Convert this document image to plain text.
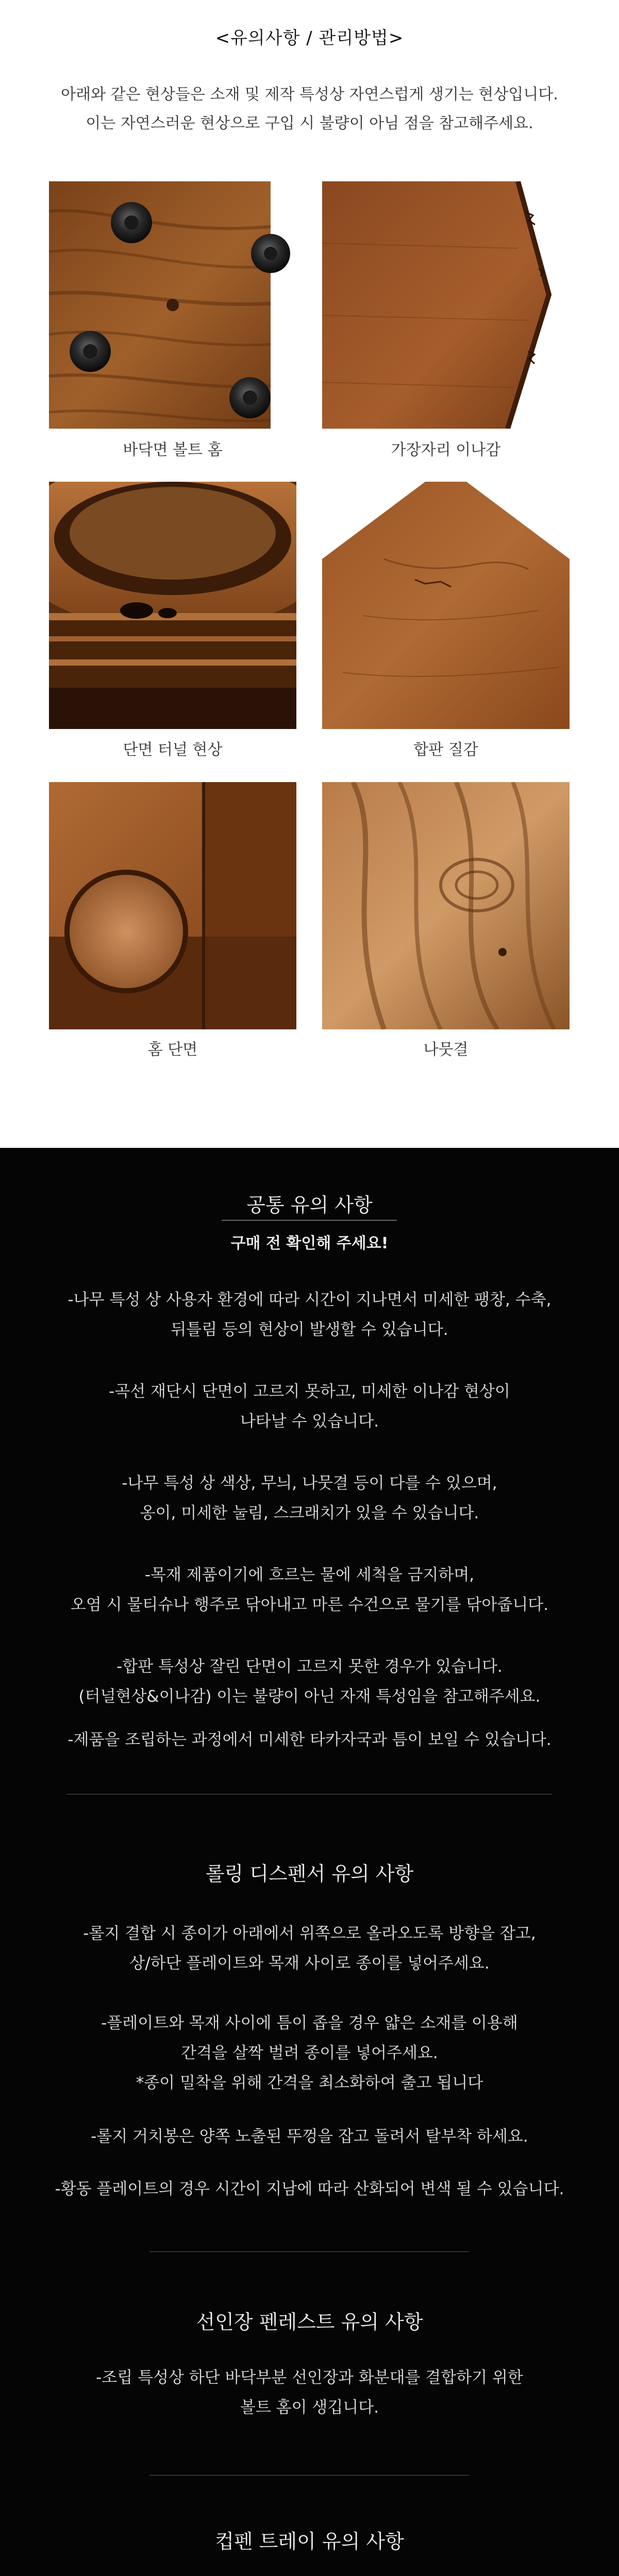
<유의사항 / 관리방법>
아래와 같은 현상들은 소재 및 제작 특성상 자연스럽게 생기는 현상입니다.
이는 자연스러운 현상으로 구입 시 불량이 아님 점을 참고해주세요.
바닥면 볼트 홈	가장자리 이나감
단면 터널 현상	합판 질감
홈 단면	나뭇결
공통 유의 사항
구매 전 확인해 주세요!
-나무 특성 상 사용자 환경에 따라 시간이 지나면서 미세한 팽창, 수축,
뒤틀림 등의 현상이 발생할 수 있습니다.
-곡선 재단시 단면이 고르지 못하고, 미세한 이나감 현상이
나타날 수 있습니다.
-나무 특성 상 색상, 무늬, 나뭇결 등이 다를 수 있으며,
옹이, 미세한 눌림, 스크래치가 있을 수 있습니다.
-목재 제품이기에 흐르는 물에 세척을 금지하며,
오염 시 물티슈나 행주로 닦아내고 마른 수건으로 물기를 닦아줍니다.
-합판 특성상 잘린 단면이 고르지 못한 경우가 있습니다.
(터널현상&이나감) 이는 불량이 아닌 자재 특성임을 참고해주세요.
-제품을 조립하는 과정에서 미세한 타카자국과 틈이 보일 수 있습니다.
롤링 디스펜서 유의 사항
-롤지 결합 시 종이가 아래에서 위쪽으로 올라오도록 방향을 잡고,
상/하단 플레이트와 목재 사이로 종이를 넣어주세요.
-플레이트와 목재 사이에 틈이 좁을 경우 얇은 소재를 이용해
간격을 살짝 벌려 종이를 넣어주세요.
*종이 밀착을 위해 간격을 최소화하여 출고 됩니다
-롤지 거치봉은 양쪽 노출된 뚜껑을 잡고 돌려서 탈부착 하세요.
-황동 플레이트의 경우 시간이 지남에 따라 산화되어 변색 될 수 있습니다.
선인장 펜레스트 유의 사항
-조립 특성상 하단 바닥부분 선인장과 화분대를 결합하기 위한
볼트 홈이 생깁니다.
컵펜 트레이 유의 사항
